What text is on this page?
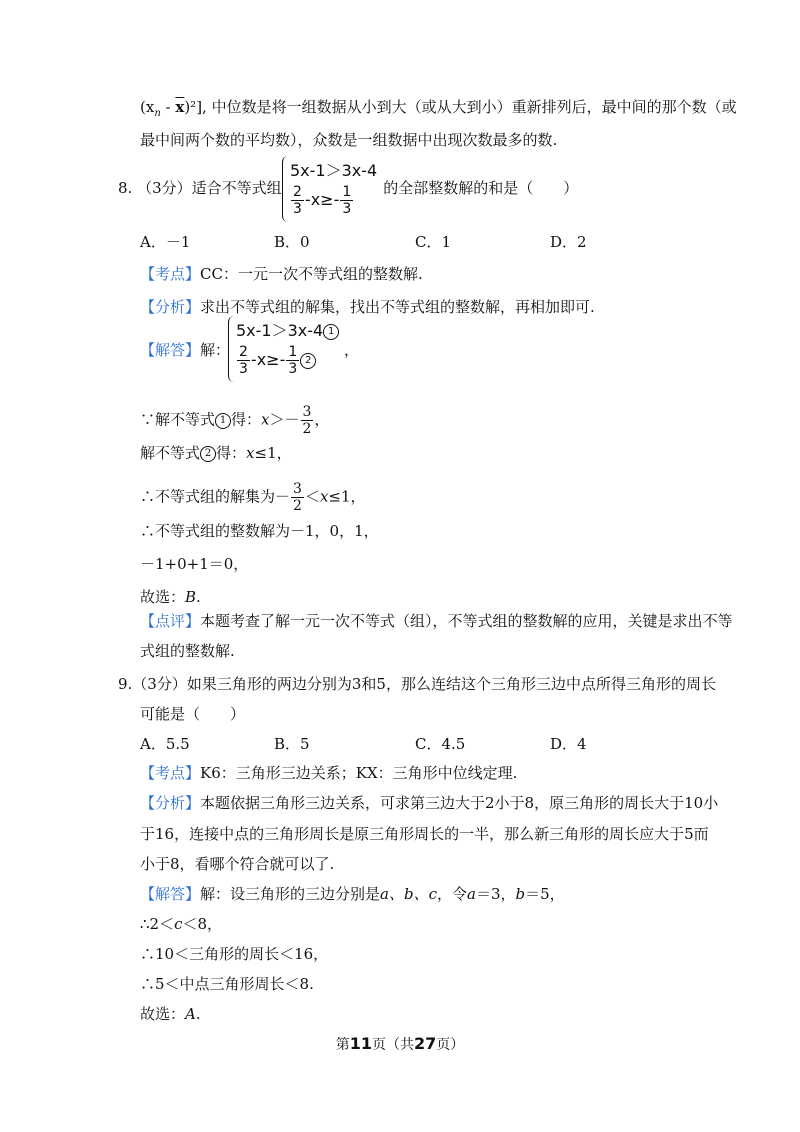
$(x_n - \overline{x})^2$], 中位数是将一组数据从小到大（或从大到小）重新排列后，最中间的那个数（或
最中间两个数的平均数），众数是一组数据中出现次数最多的数.
8. （3分）适合不等式组	的全部整数解的和是（　　）
5x-1＞3x-4
$\frac{2}{3} -x\ge- \frac{1}{3}$
A．－1	B．0	C．1	D．2
【考点】CC：一元一次不等式组的整数解.
【分析】求出不等式组的解集，找出不等式组的整数解，再相加即可.
【解答】解：
5x-1＞3x-4 1
$\frac{2}{3} -x\ge- \frac{1}{3} 2$
，
∵解不等式 1 得：$x>- \frac{3}{2}$ ，
解不等式 2 得：x≤1，
∴不等式组的解集为－ $\frac{3}{2} <x\le 1$，
∴不等式组的整数解为－1，0，1，
－1+0+1＝0，
故选：B.
【点评】本题考查了解一元一次不等式（组），不等式组的整数解的应用，关键是求出不等
式组的整数解.
9.（3分）如果三角形的两边分别为3和5，那么连结这个三角形三边中点所得三角形的周长
可能是（　　）
A．5.5	B．5	C．4.5	D．4
【考点】K6：三角形三边关系；KX：三角形中位线定理.
【分析】本题依据三角形三边关系，可求第三边大于2小于8，原三角形的周长大于10小
于16，连接中点的三角形周长是原三角形周长的一半，那么新三角形的周长应大于5而
小于8，看哪个符合就可以了.
【解答】解：设三角形的三边分别是a、b、c，令a＝3，b＝5，
∴2＜c＜8，
∴10＜三角形的周长＜16，
∴5＜中点三角形周长＜8.
故选：A.
第11页（共27页）
